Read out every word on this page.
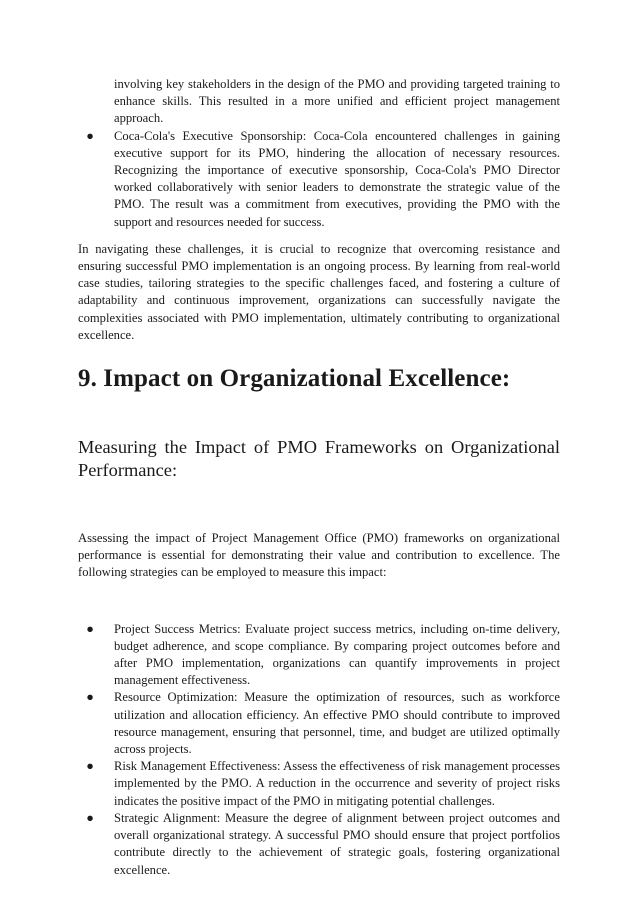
involving key stakeholders in the design of the PMO and providing targeted training to enhance skills. This resulted in a more unified and efficient project management approach.

● Coca-Cola's Executive Sponsorship: Coca-Cola encountered challenges in gaining executive support for its PMO, hindering the allocation of necessary resources. Recognizing the importance of executive sponsorship, Coca-Cola's PMO Director worked collaboratively with senior leaders to demonstrate the strategic value of the PMO. The result was a commitment from executives, providing the PMO with the support and resources needed for success.

In navigating these challenges, it is crucial to recognize that overcoming resistance and ensuring successful PMO implementation is an ongoing process. By learning from real-world case studies, tailoring strategies to the specific challenges faced, and fostering a culture of adaptability and continuous improvement, organizations can successfully navigate the complexities associated with PMO implementation, ultimately contributing to organizational excellence.

9. Impact on Organizational Excellence:
Measuring the Impact of PMO Frameworks on Organizational Performance:

Assessing the impact of Project Management Office (PMO) frameworks on organizational performance is essential for demonstrating their value and contribution to excellence. The following strategies can be employed to measure this impact:

● Project Success Metrics: Evaluate project success metrics, including on-time delivery, budget adherence, and scope compliance. By comparing project outcomes before and after PMO implementation, organizations can quantify improvements in project management effectiveness.
● Resource Optimization: Measure the optimization of resources, such as workforce utilization and allocation efficiency. An effective PMO should contribute to improved resource management, ensuring that personnel, time, and budget are utilized optimally across projects.
● Risk Management Effectiveness: Assess the effectiveness of risk management processes implemented by the PMO. A reduction in the occurrence and severity of project risks indicates the positive impact of the PMO in mitigating potential challenges.
● Strategic Alignment: Measure the degree of alignment between project outcomes and overall organizational strategy. A successful PMO should ensure that project portfolios contribute directly to the achievement of strategic goals, fostering organizational excellence.
